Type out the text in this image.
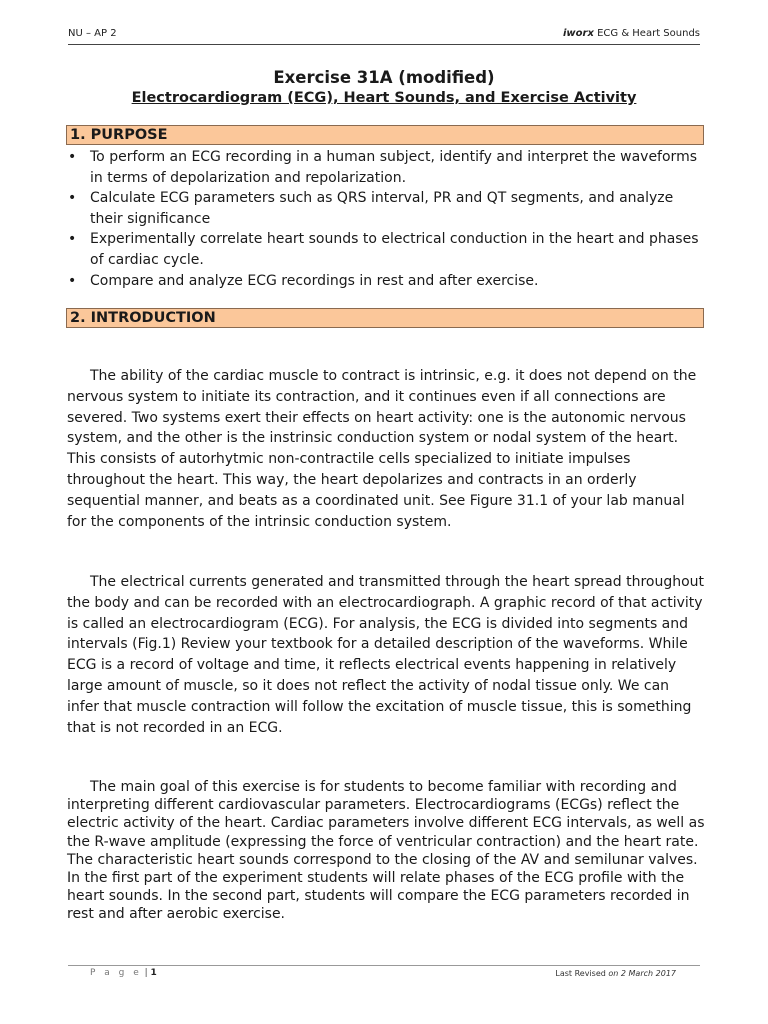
NU – AP 2	iworx ECG & Heart Sounds
Exercise 31A (modified)
Electrocardiogram (ECG), Heart Sounds, and Exercise Activity
1. PURPOSE
• To perform an ECG recording in a human subject, identify and interpret the waveforms in terms of depolarization and repolarization.
• Calculate ECG parameters such as QRS interval, PR and QT segments, and analyze their significance
• Experimentally correlate heart sounds to electrical conduction in the heart and phases of cardiac cycle.
• Compare and analyze ECG recordings in rest and after exercise.
2. INTRODUCTION

The ability of the cardiac muscle to contract is intrinsic, e.g. it does not depend on the nervous system to initiate its contraction, and it continues even if all connections are severed. Two systems exert their effects on heart activity: one is the autonomic nervous system, and the other is the instrinsic conduction system or nodal system of the heart. This consists of autorhytmic non-contractile cells specialized to initiate impulses throughout the heart. This way, the heart depolarizes and contracts in an orderly sequential manner, and beats as a coordinated unit. See Figure 31.1 of your lab manual for the components of the intrinsic conduction system.

The electrical currents generated and transmitted through the heart spread throughout the body and can be recorded with an electrocardiograph. A graphic record of that activity is called an electrocardiogram (ECG). For analysis, the ECG is divided into segments and intervals (Fig.1) Review your textbook for a detailed description of the waveforms. While ECG is a record of voltage and time, it reflects electrical events happening in relatively large amount of muscle, so it does not reflect the activity of nodal tissue only. We can infer that muscle contraction will follow the excitation of muscle tissue, this is something that is not recorded in an ECG.

The main goal of this exercise is for students to become familiar with recording and interpreting different cardiovascular parameters. Electrocardiograms (ECGs) reflect the electric activity of the heart. Cardiac parameters involve different ECG intervals, as well as the R-wave amplitude (expressing the force of ventricular contraction) and the heart rate. The characteristic heart sounds correspond to the closing of the AV and semilunar valves. In the first part of the experiment students will relate phases of the ECG profile with the heart sounds. In the second part, students will compare the ECG parameters recorded in rest and after aerobic exercise.

P a g e | 1	Last Revised on 2 March 2017
